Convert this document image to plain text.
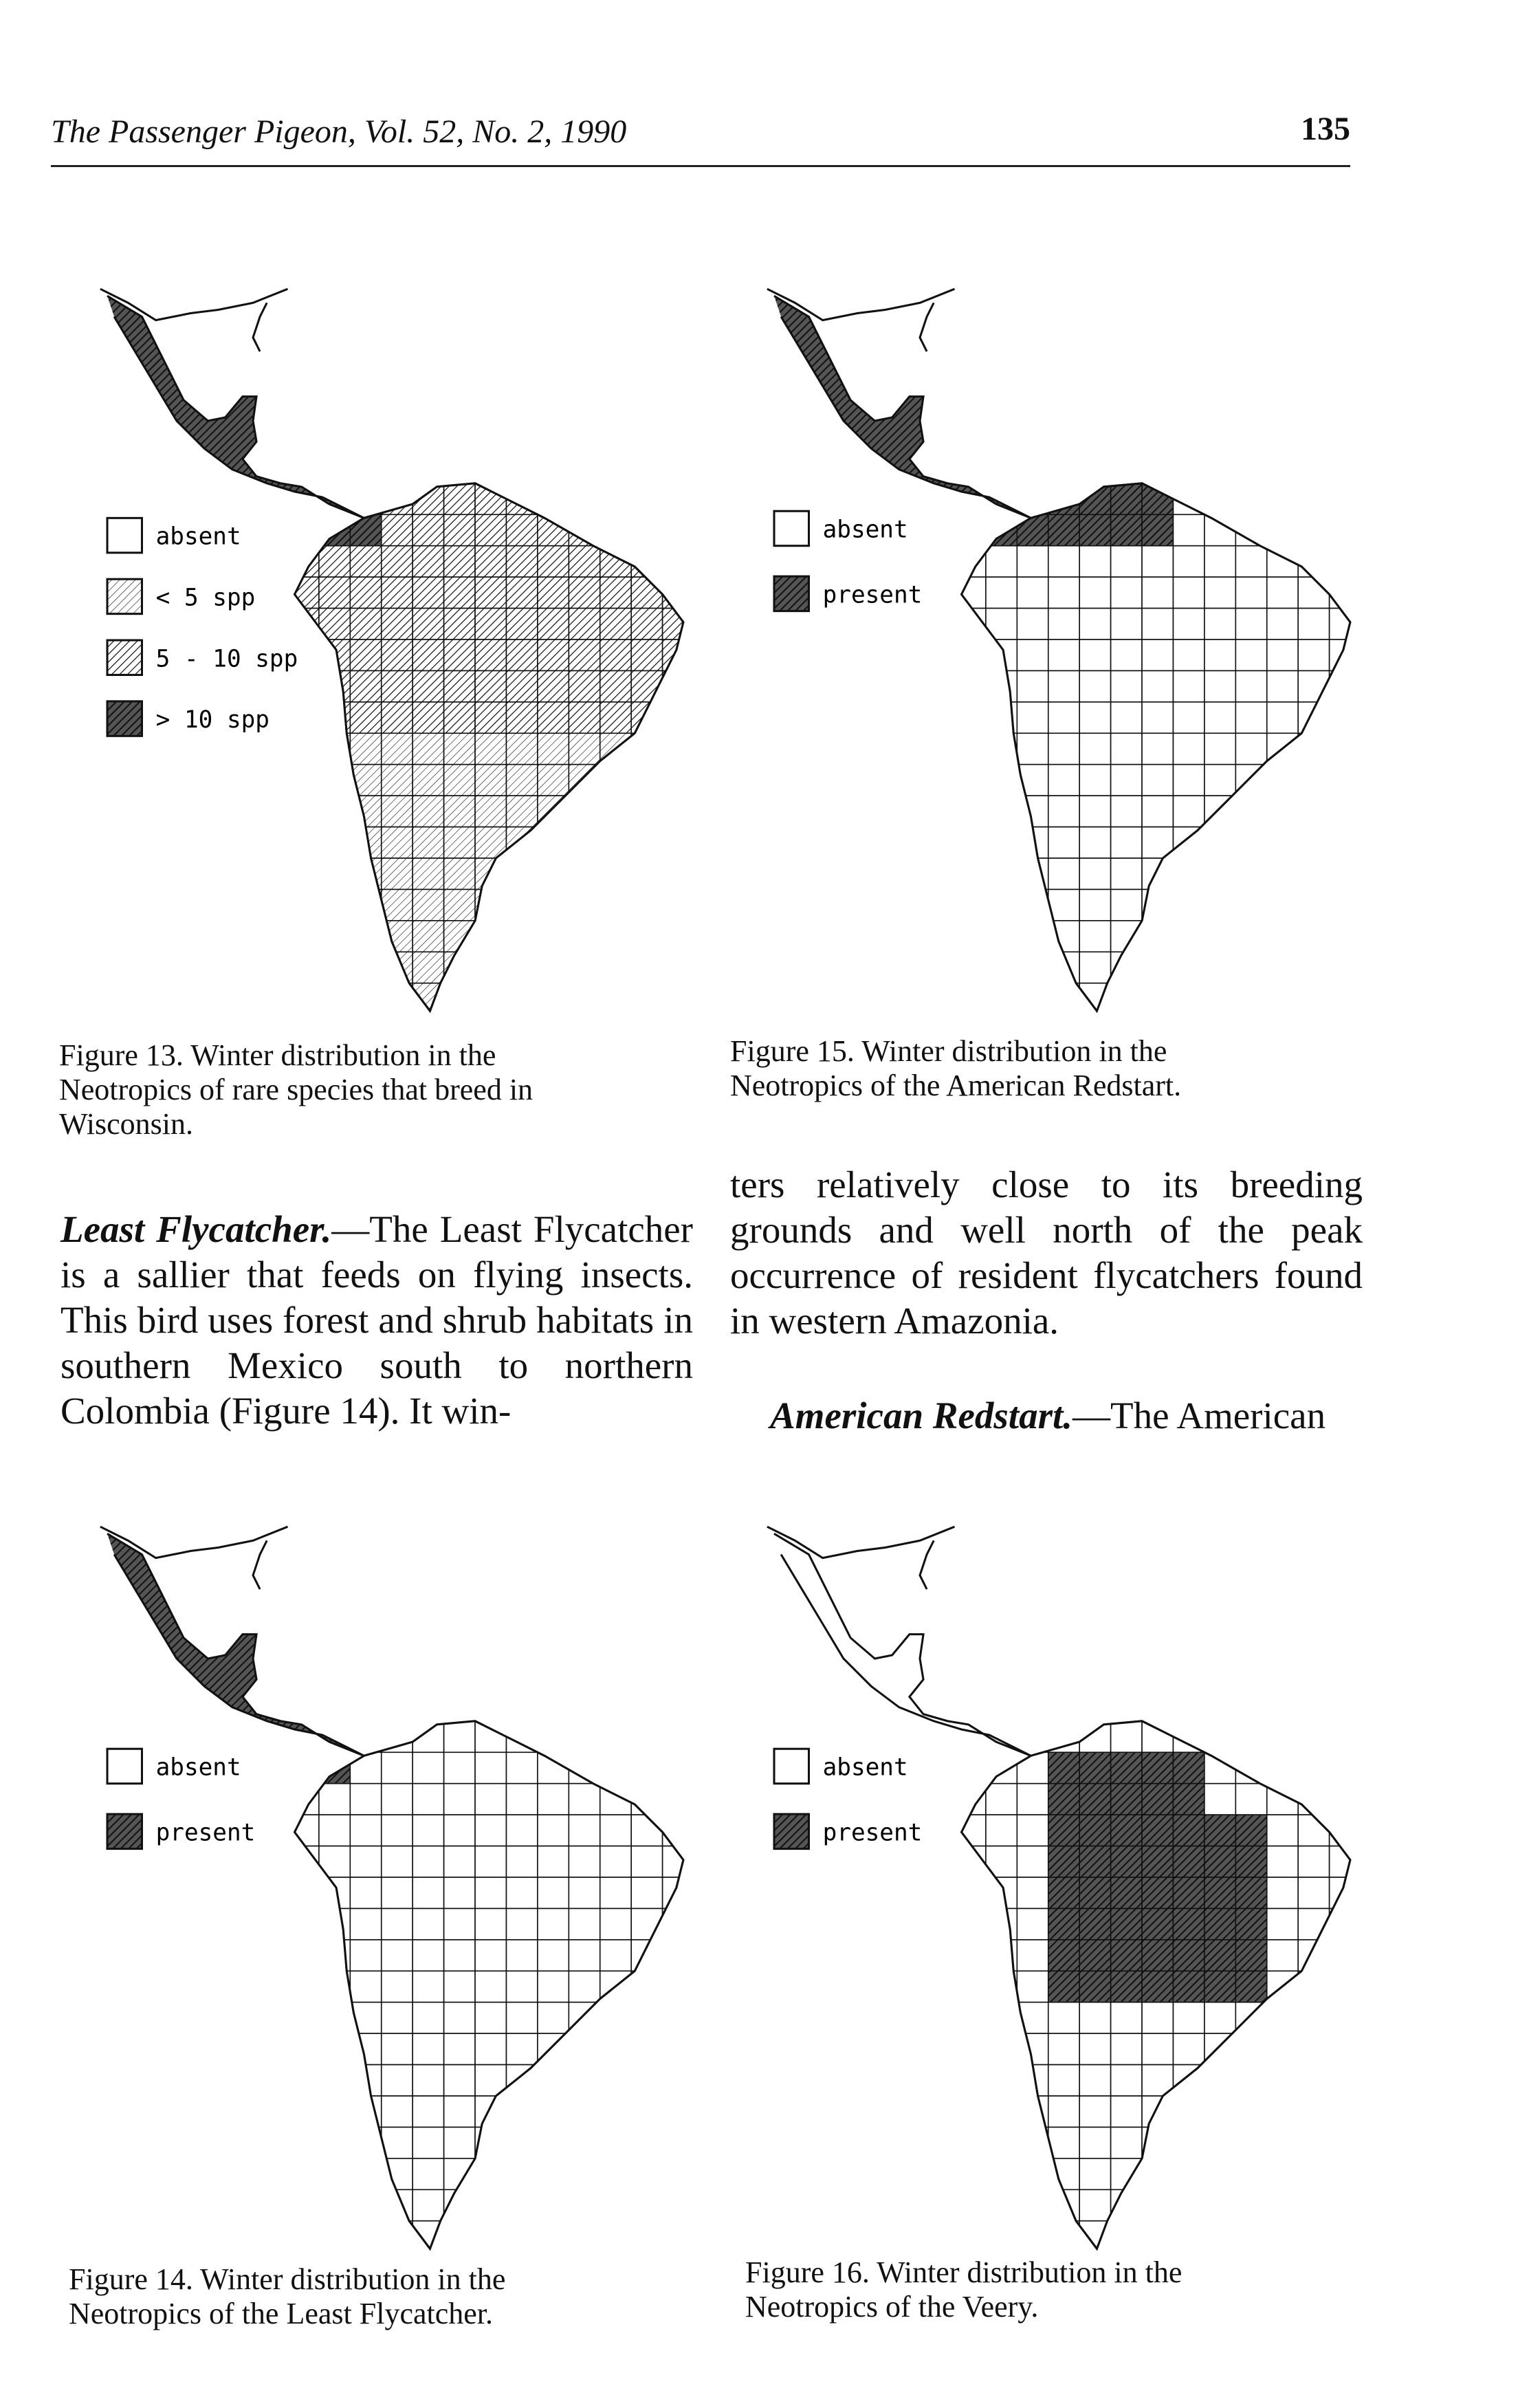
The Passenger Pigeon, Vol. 52, No. 2, 1990	135
absent
< 5 spp
5 - 10 spp
> 10 spp
Figure 13. Winter distribution in the Neotropics of rare species that breed in Wisconsin.
absent
present
Figure 15. Winter distribution in the Neotropics of the American Redstart.
Least Flycatcher.—The Least Flycatcher is a sallier that feeds on flying insects. This bird uses forest and shrub habitats in southern Mexico south to northern Colombia (Figure 14). It win-
ters relatively close to its breeding grounds and well north of the peak occurrence of resident flycatchers found in western Amazonia.
American Redstart.—The American
absent
present
Figure 14. Winter distribution in the Neotropics of the Least Flycatcher.
absent
present
Figure 16. Winter distribution in the Neotropics of the Veery.
